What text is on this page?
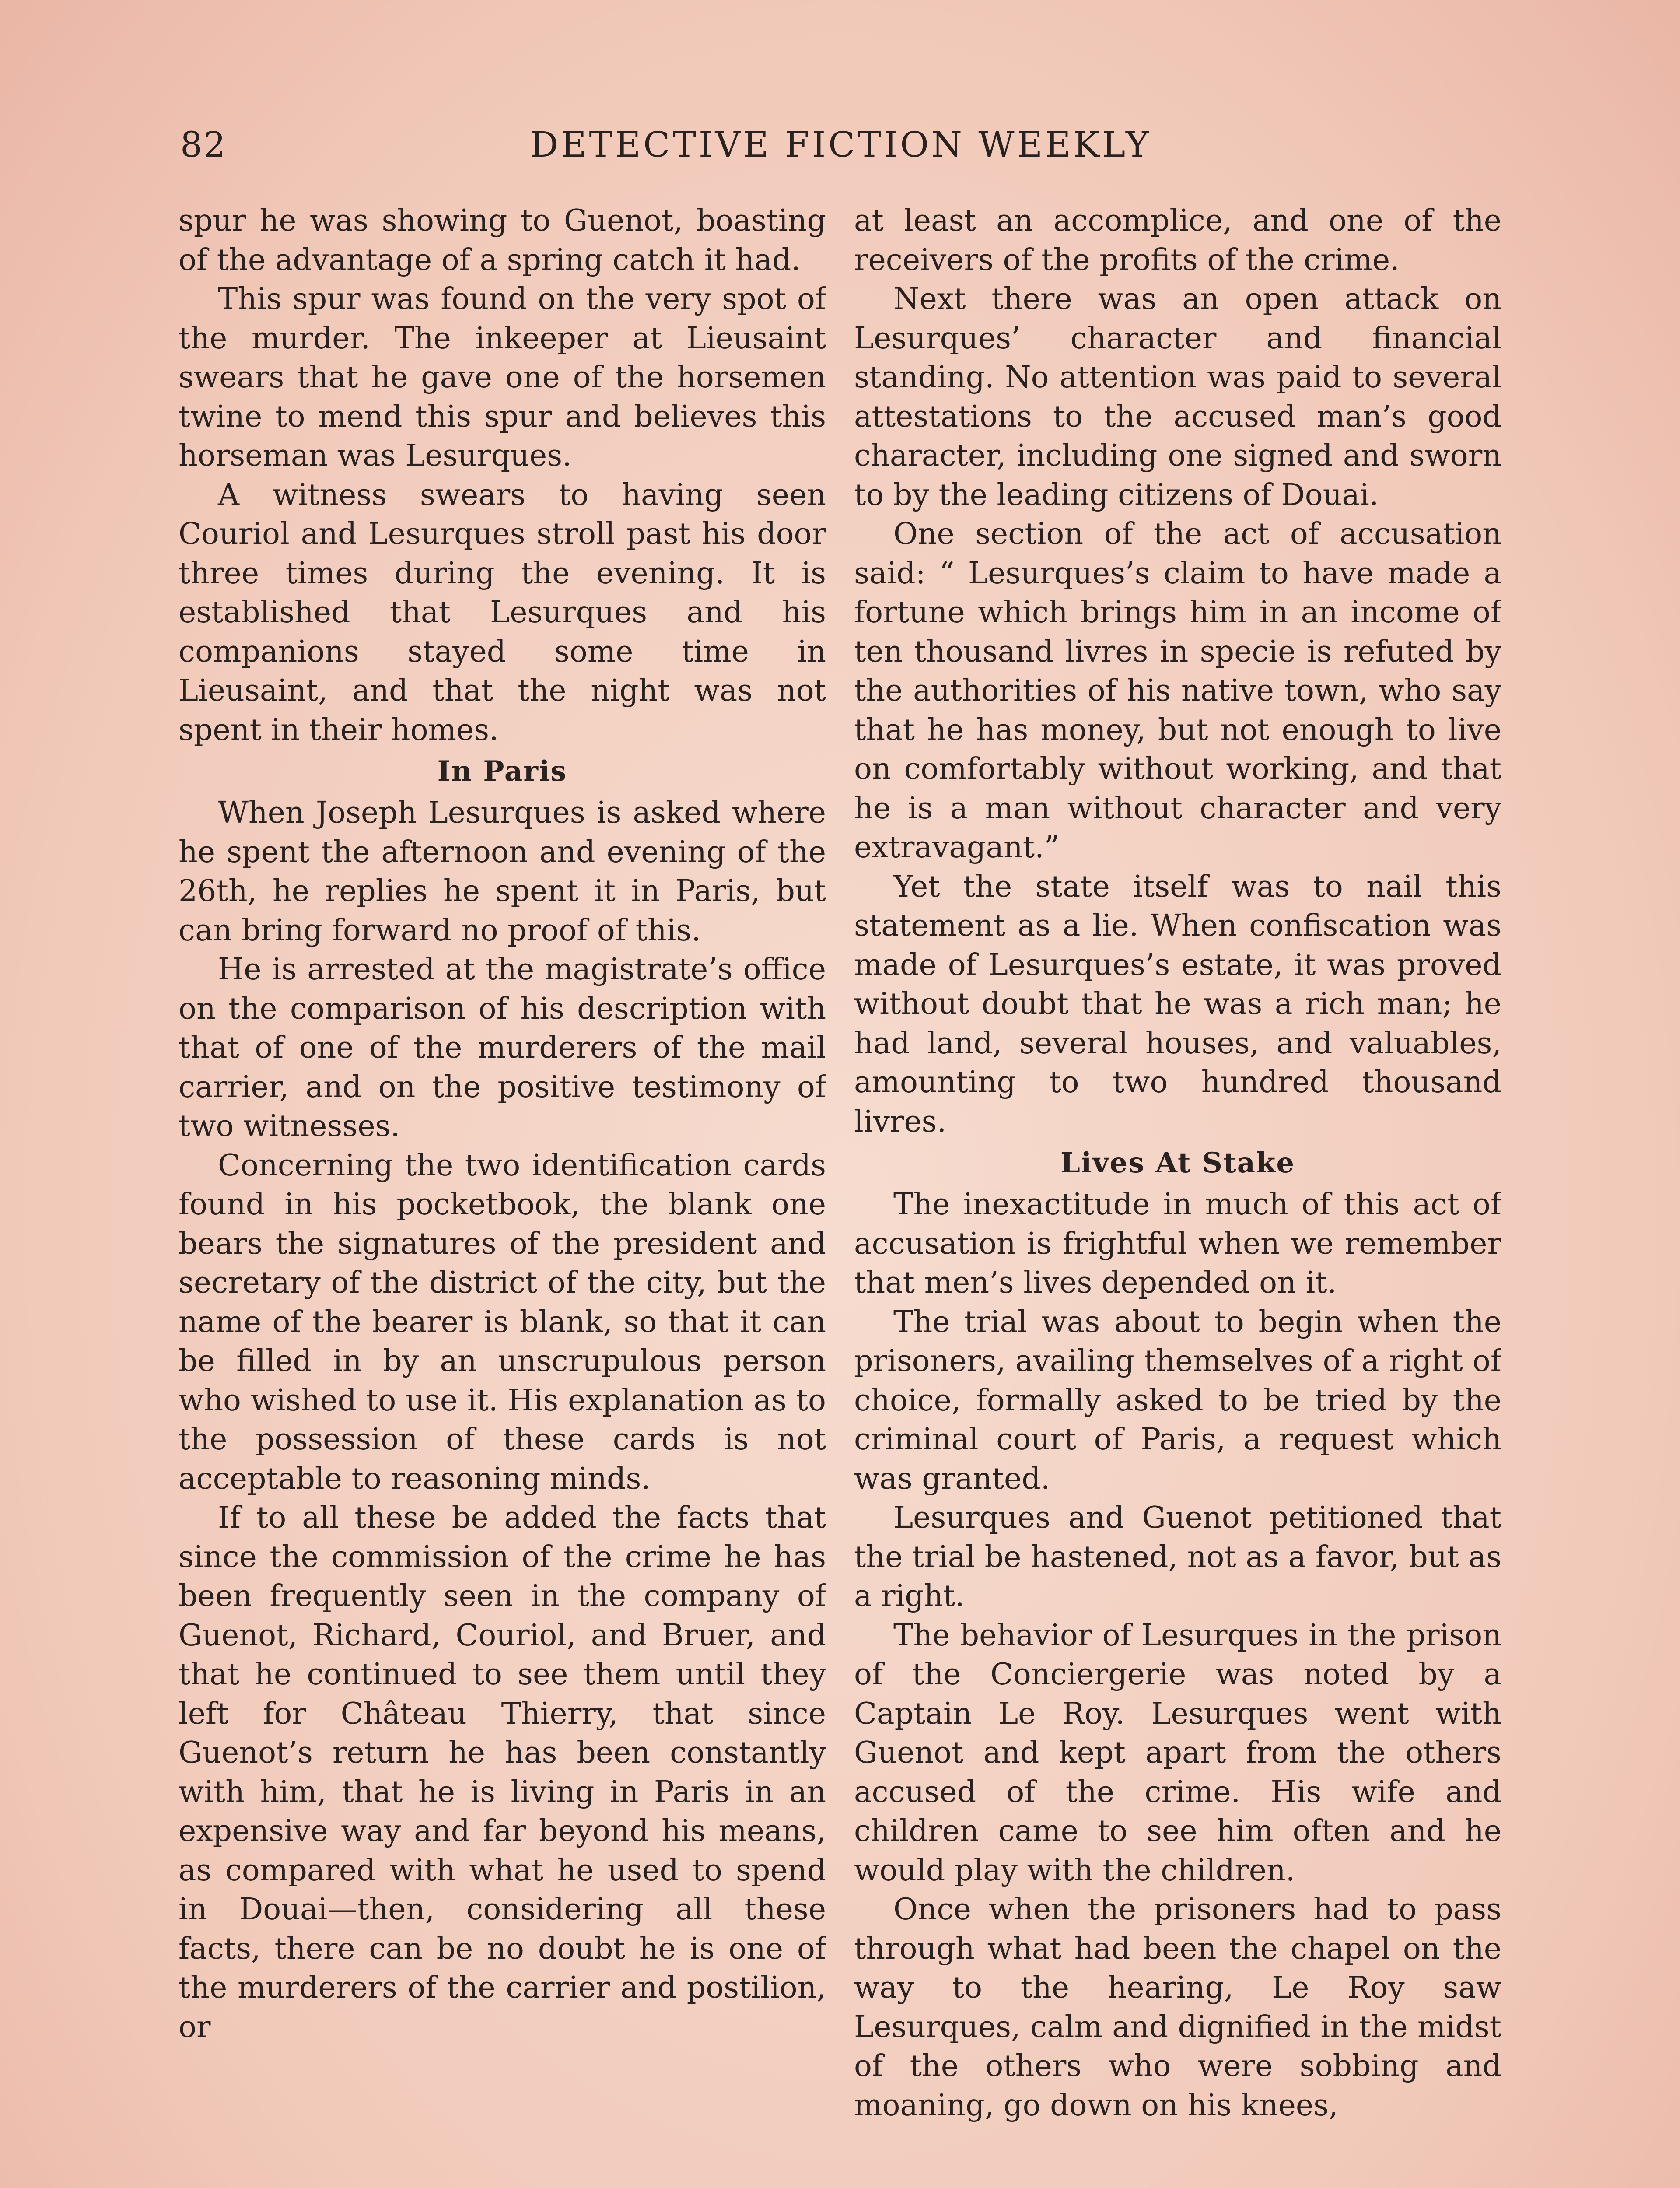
82	DETECTIVE FICTION WEEKLY

spur he was showing to Guenot, boasting of the advantage of a spring catch it had.

This spur was found on the very spot of the murder. The inkeeper at Lieusaint swears that he gave one of the horsemen twine to mend this spur and believes this horseman was Lesurques.

A witness swears to having seen Couriol and Lesurques stroll past his door three times during the evening. It is established that Lesurques and his companions stayed some time in Lieusaint, and that the night was not spent in their homes.

In Paris

When Joseph Lesurques is asked where he spent the afternoon and evening of the 26th, he replies he spent it in Paris, but can bring forward no proof of this.

He is arrested at the magistrate’s office on the comparison of his description with that of one of the murderers of the mail carrier, and on the positive testimony of two witnesses.

Concerning the two identification cards found in his pocketbook, the blank one bears the signatures of the president and secretary of the district of the city, but the name of the bearer is blank, so that it can be filled in by an unscrupulous person who wished to use it. His explanation as to the possession of these cards is not acceptable to reasoning minds.

If to all these be added the facts that since the commission of the crime he has been frequently seen in the company of Guenot, Richard, Couriol, and Bruer, and that he continued to see them until they left for Château Thierry, that since Guenot’s return he has been constantly with him, that he is living in Paris in an expensive way and far beyond his means, as compared with what he used to spend in Douai—then, considering all these facts, there can be no doubt he is one of the murderers of the carrier and postilion, or

at least an accomplice, and one of the receivers of the profits of the crime.

Next there was an open attack on Lesurques’ character and financial standing. No attention was paid to several attestations to the accused man’s good character, including one signed and sworn to by the leading citizens of Douai.

One section of the act of accusation said: “ Lesurques’s claim to have made a fortune which brings him in an income of ten thousand livres in specie is refuted by the authorities of his native town, who say that he has money, but not enough to live on comfortably without working, and that he is a man without character and very extravagant.”

Yet the state itself was to nail this statement as a lie. When confiscation was made of Lesurques’s estate, it was proved without doubt that he was a rich man; he had land, several houses, and valuables, amounting to two hundred thousand livres.

Lives At Stake

The inexactitude in much of this act of accusation is frightful when we remember that men’s lives depended on it.

The trial was about to begin when the prisoners, availing themselves of a right of choice, formally asked to be tried by the criminal court of Paris, a request which was granted.

Lesurques and Guenot petitioned that the trial be hastened, not as a favor, but as a right.

The behavior of Lesurques in the prison of the Conciergerie was noted by a Captain Le Roy. Lesurques went with Guenot and kept apart from the others accused of the crime. His wife and children came to see him often and he would play with the children.

Once when the prisoners had to pass through what had been the chapel on the way to the hearing, Le Roy saw Lesurques, calm and dignified in the midst of the others who were sobbing and moaning, go down on his knees,
